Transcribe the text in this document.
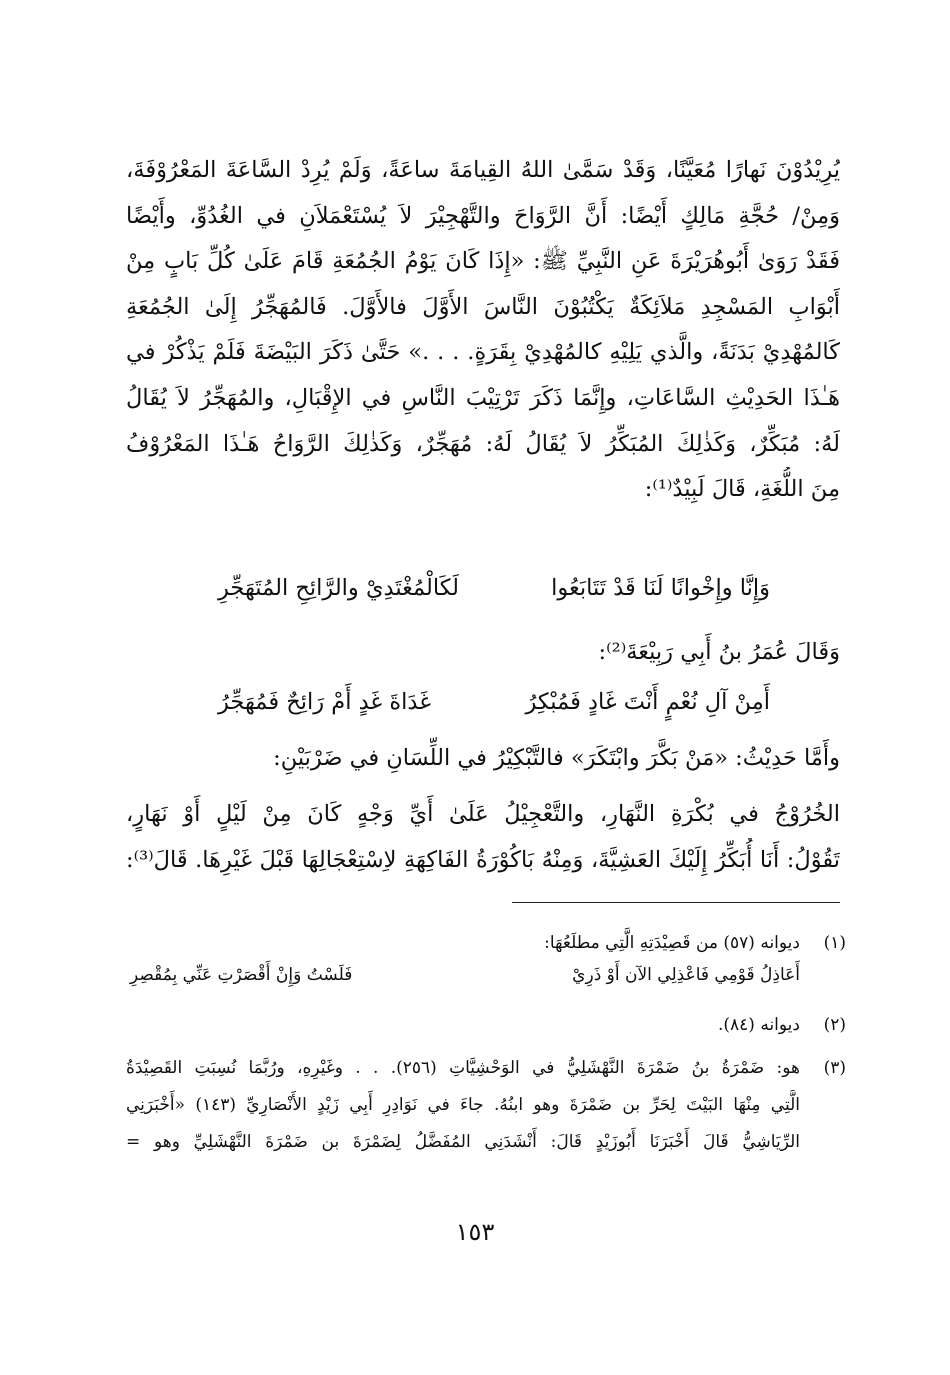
يُرِيْدُوْنَ نَهارًا مُعَيَّنًا، وَقَدْ سَمَّىٰ اللهُ القِيامَةَ ساعَةً، وَلَمْ يُرِدْ السَّاعَةَ المَعْرُوْفَةَ،
وَمِنْ/ حُجَّةِ مَالِكٍ أَيْضًا: أَنَّ الرَّوَاحَ والتَّهْجِيْرَ لاَ يُسْتَعْمَلاَنِ في الغُدُوِّ، وأَيْضًا
فَقَدْ رَوَىٰ أَبُوهُرَيْرَةَ عَنِ النَّبِيِّ ﷺ: «إِذَا كَانَ يَوْمُ الجُمُعَةِ قَامَ عَلَىٰ كُلِّ بَابٍ مِنْ
أَبْوَابِ المَسْجِدِ مَلاَئِكَةٌ يَكْتُبُوْنَ النَّاسَ الأَوَّلَ فالأَوَّلَ. فَالمُهَجِّرُ إِلَىٰ الجُمُعَةِ
كَالمُهْدِيْ بَدَنَةً، والَّذي يَلِيْهِ كالمُهْدِيْ بِقَرَةٍ. . . .» حَتَّىٰ ذَكَرَ البَيْضَةَ فَلَمْ يَذْكُرْ في
هَـٰذَا الحَدِيْثِ السَّاعَاتِ، وإِنَّمَا ذَكَرَ تَرْتِيْبَ النَّاسِ في الإِقْبَالِ، والمُهَجِّرُ لاَ يُقَالُ
لَهُ: مُبَكِّرٌ، وَكَذٰلِكَ المُبَكِّرُ لاَ يُقَالُ لَهُ: مُهَجِّرٌ، وَكَذٰلِكَ الرَّوَاحُ هَـٰذَا المَعْرُوْفُ
مِنَ اللُّغَةِ، قَالَ لَبِيْدٌ⁽¹⁾:
وَإِنَّا وإِخْوانًا لَنَا قَدْ تَتَابَعُوا
لَكَالْمُغْتَدِيْ والرَّائِحِ المُتَهَجِّرِ
وَقَالَ عُمَرُ بنُ أَبِي رَبِيْعَةَ⁽²⁾:
أَمِنْ آلِ نُعْمٍ أَنْتَ غَادٍ فَمُبْكِرُ
غَدَاةَ غَدٍ أَمْ رَائِحٌ فَمُهَجِّرُ
وأَمَّا حَدِيْثُ: «مَنْ بَكَّرَ وابْتَكَرَ» فالتَّبْكِيْرُ في اللِّسَانِ في ضَرْبَيْنِ:
الخُرُوْجُ في بُكْرَةِ النَّهَارِ، والتَّعْجِيْلُ عَلَىٰ أَيِّ وَجْهٍ كَانَ مِنْ لَيْلٍ أَوْ نَهَارٍ،
تَقُوْلُ: أَنَا أُبَكِّرُ إِلَيْكَ العَشِيَّةَ، وَمِنْهُ بَاكُوْرَةُ الفَاكِهَةِ لاِسْتِعْجَالِهَا قَبْلَ غَيْرِهَا. قَالَ⁽³⁾:
(١)
ديوانه (٥٧) من قَصِيْدَتِهِ الَّتِي مطلَعُهَا:
أَعَاذِلُ قَوْمِي فَاعْذِلِي الآن أَوْ ذَرِيْ
فَلَسْتُ وَإِنْ أَقْصَرْتِ عَنِّي بِمُقْصِرِ
(٢)
ديوانه (٨٤).
(٣)
هو: ضَمْرَةُ بنُ ضَمْرَةَ النَّهْشَلِيُّ في الوَحْشِيَّاتِ (٢٥٦). . . وغَيْرِهِ، ورُبَّمَا نُسِبَتِ القَصِيْدَةُ
الَّتِي مِنْهَا البَيْتَ لِحَرِّ بن ضَمْرَةَ وهو ابنُهُ. جاءَ في نَوَادِرِ أَبِي زَيْدٍ الأَنْصَارِيِّ (١٤٣) «أَخْبَرَنِي
الرِّيَاشِيُّ قَالَ أَخْبَرَنَا أَبُوزَيْدٍ قَالَ: أَنْشَدَنِي المُفَضَّلُ لِضَمْرَةَ بن ضَمْرَةَ النَّهْشَلِيِّ وهو =
١٥٣
